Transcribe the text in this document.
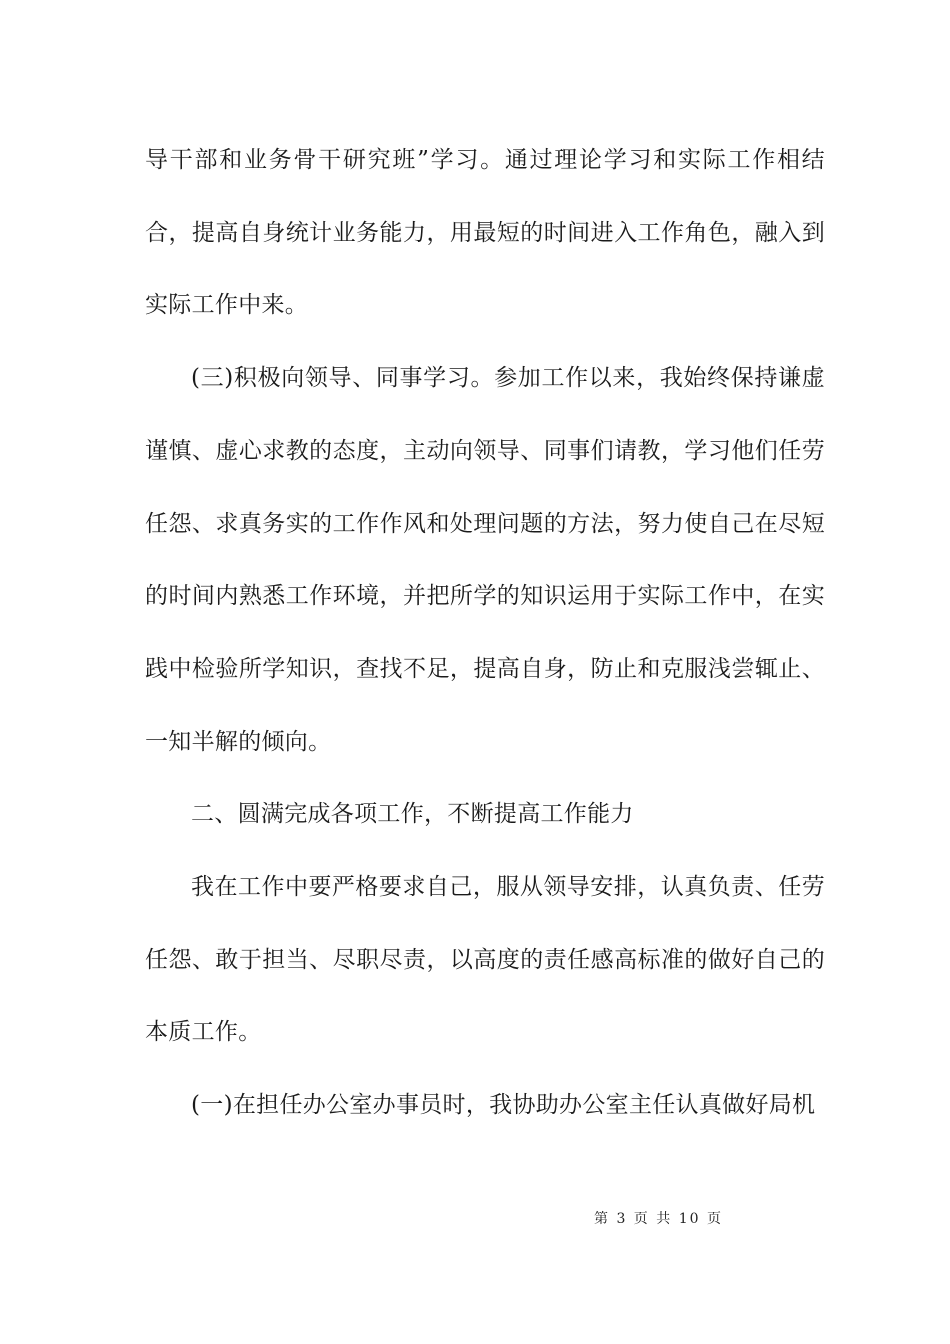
导干部和业务骨干研究班”学习。通过理论学习和实际工作相结合，提高自身统计业务能力，用最短的时间进入工作角色，融入到实际工作中来。

(三)积极向领导、同事学习。参加工作以来，我始终保持谦虚谨慎、虚心求教的态度，主动向领导、同事们请教，学习他们任劳任怨、求真务实的工作作风和处理问题的方法，努力使自己在尽短的时间内熟悉工作环境，并把所学的知识运用于实际工作中，在实践中检验所学知识，查找不足，提高自身，防止和克服浅尝辄止、一知半解的倾向。

二、圆满完成各项工作，不断提高工作能力

我在工作中要严格要求自己，服从领导安排，认真负责、任劳任怨、敢于担当、尽职尽责，以高度的责任感高标准的做好自己的本质工作。

(一)在担任办公室办事员时，我协助办公室主任认真做好局机

第 3 页 共 10 页
